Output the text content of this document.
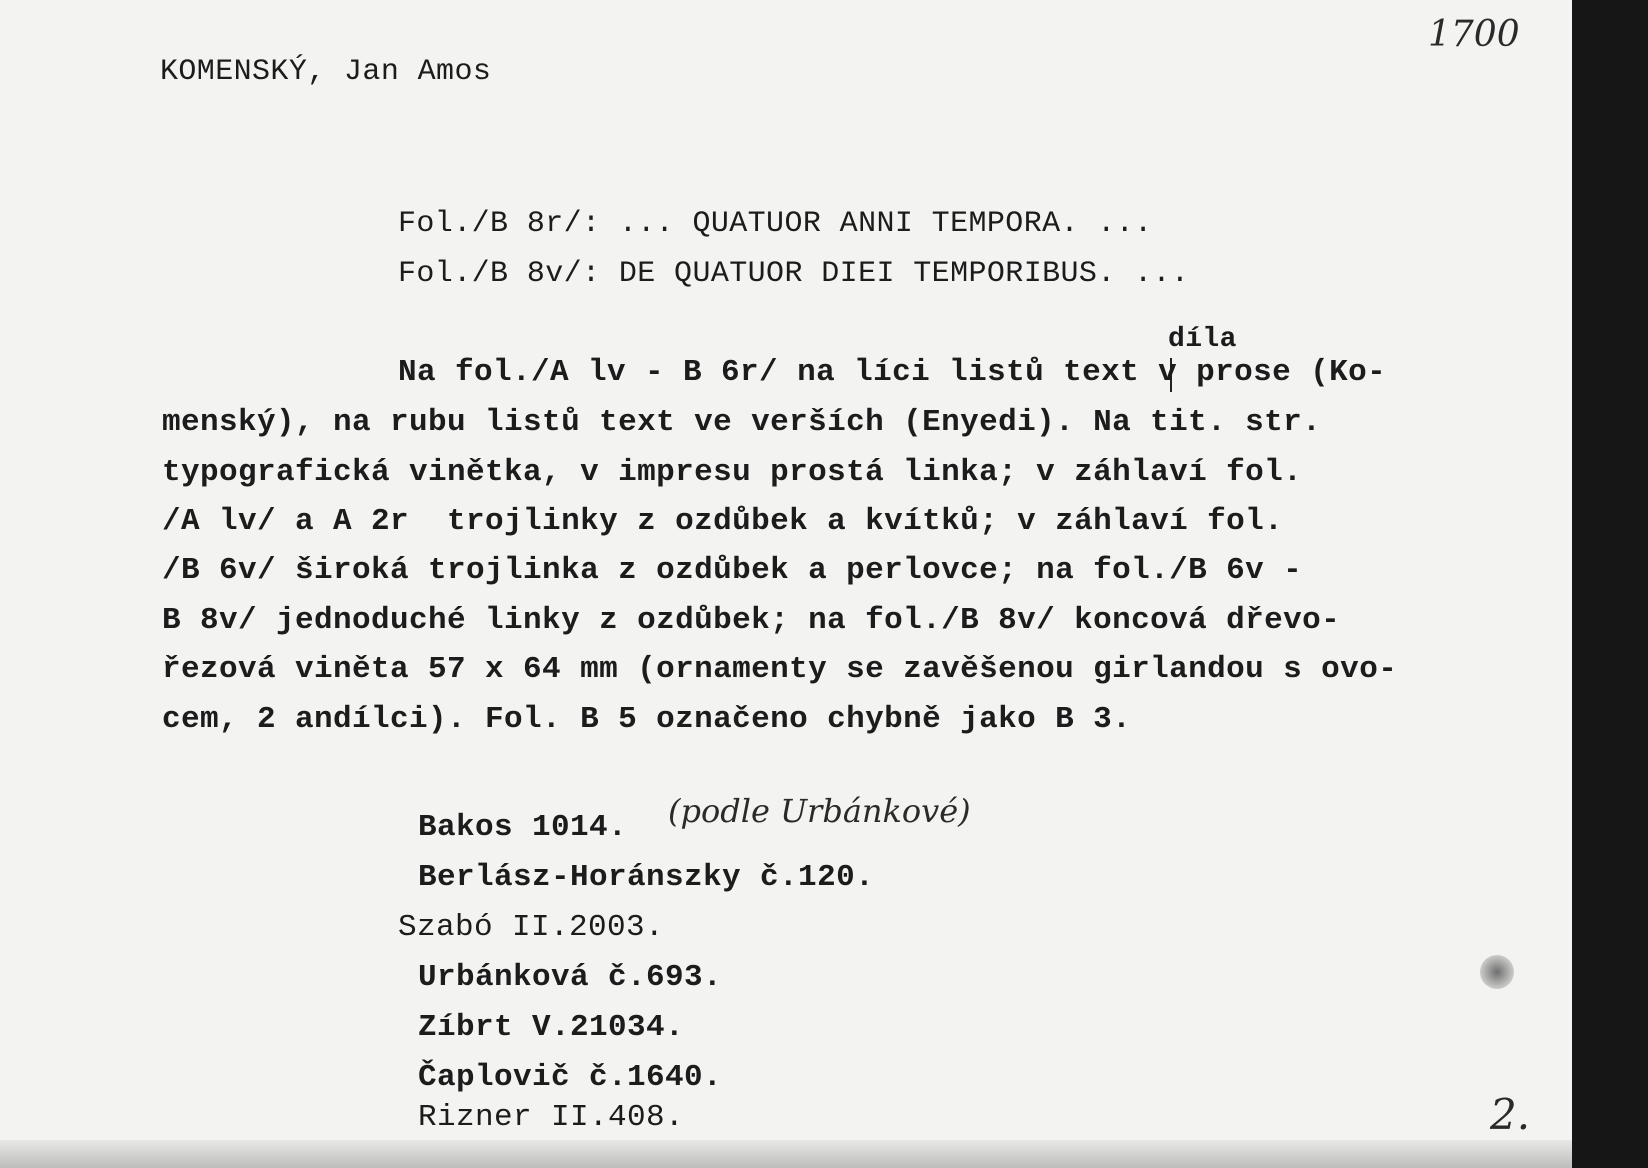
1700
KOMENSKÝ, Jan Amos
Fol./B 8r/: ... QUATUOR ANNI TEMPORA. ...
Fol./B 8v/: DE QUATUOR DIEI TEMPORIBUS. ...
díla
Na fol./A lv - B 6r/ na líci listů text v prose (Ko-
menský), na rubu listů text ve verších (Enyedi). Na tit. str.
typografická vinětka, v impresu prostá linka; v záhlaví fol.
/A lv/ a A 2r  trojlinky z ozdůbek a kvítků; v záhlaví fol.
/B 6v/ široká trojlinka z ozdůbek a perlovce; na fol./B 6v -
B 8v/ jednoduché linky z ozdůbek; na fol./B 8v/ koncová dřevo-
řezová viněta 57 x 64 mm (ornamenty se zavěšenou girlandou s ovo-
cem, 2 andílci). Fol. B 5 označeno chybně jako B 3.
Bakos 1014. (podle Urbánkové)
Berlász-Horánszky č.120.
Szabó II.2003.
Urbánková č.693.
Zíbrt V.21034.
Čaplovič č.1640.
Rizner II.408.	2.
